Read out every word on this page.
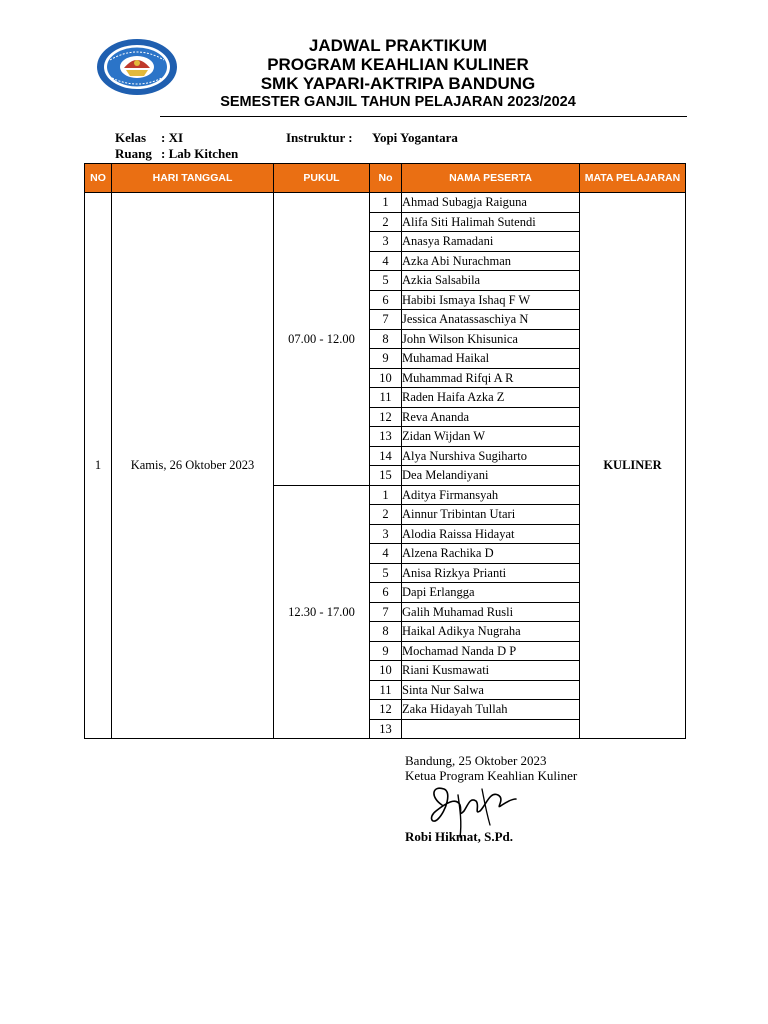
JADWAL PRAKTIKUM
PROGRAM KEAHLIAN KULINER
SMK YAPARI-AKTRIPA BANDUNG
SEMESTER GANJIL TAHUN PELAJARAN 2023/2024
Kelas : XI
Ruang : Lab Kitchen
Instruktur : Yopi Yogantara
NO	HARI TANGGAL	PUKUL	No	NAMA PESERTA	MATA PELAJARAN
1	Kamis, 26 Oktober 2023	07.00 - 12.00	1	Ahmad Subagja Raiguna	KULINER
			2	Alifa Siti Halimah Sutendi	
			3	Anasya Ramadani	
			4	Azka Abi Nurachman	
			5	Azkia Salsabila	
			6	Habibi Ismaya Ishaq F W	
			7	Jessica Anatassaschiya N	
			8	John Wilson Khisunica	
			9	Muhamad Haikal	
			10	Muhammad Rifqi A R	
			11	Raden Haifa Azka Z	
			12	Reva Ananda	
			13	Zidan Wijdan W	
			14	Alya Nurshiva Sugiharto	
			15	Dea Melandiyani	
		12.30 - 17.00	1	Aditya Firmansyah	
			2	Ainnur Tribintan Utari	
			3	Alodia Raissa Hidayat	
			4	Alzena Rachika D	
			5	Anisa Rizkya Prianti	
			6	Dapi Erlangga	
			7	Galih Muhamad Rusli	
			8	Haikal Adikya Nugraha	
			9	Mochamad Nanda D P	
			10	Riani Kusmawati	
			11	Sinta Nur Salwa	
			12	Zaka Hidayah Tullah	
			13		
Bandung, 25 Oktober 2023
Ketua Program Keahlian Kuliner
Robi Hikmat, S.Pd.
